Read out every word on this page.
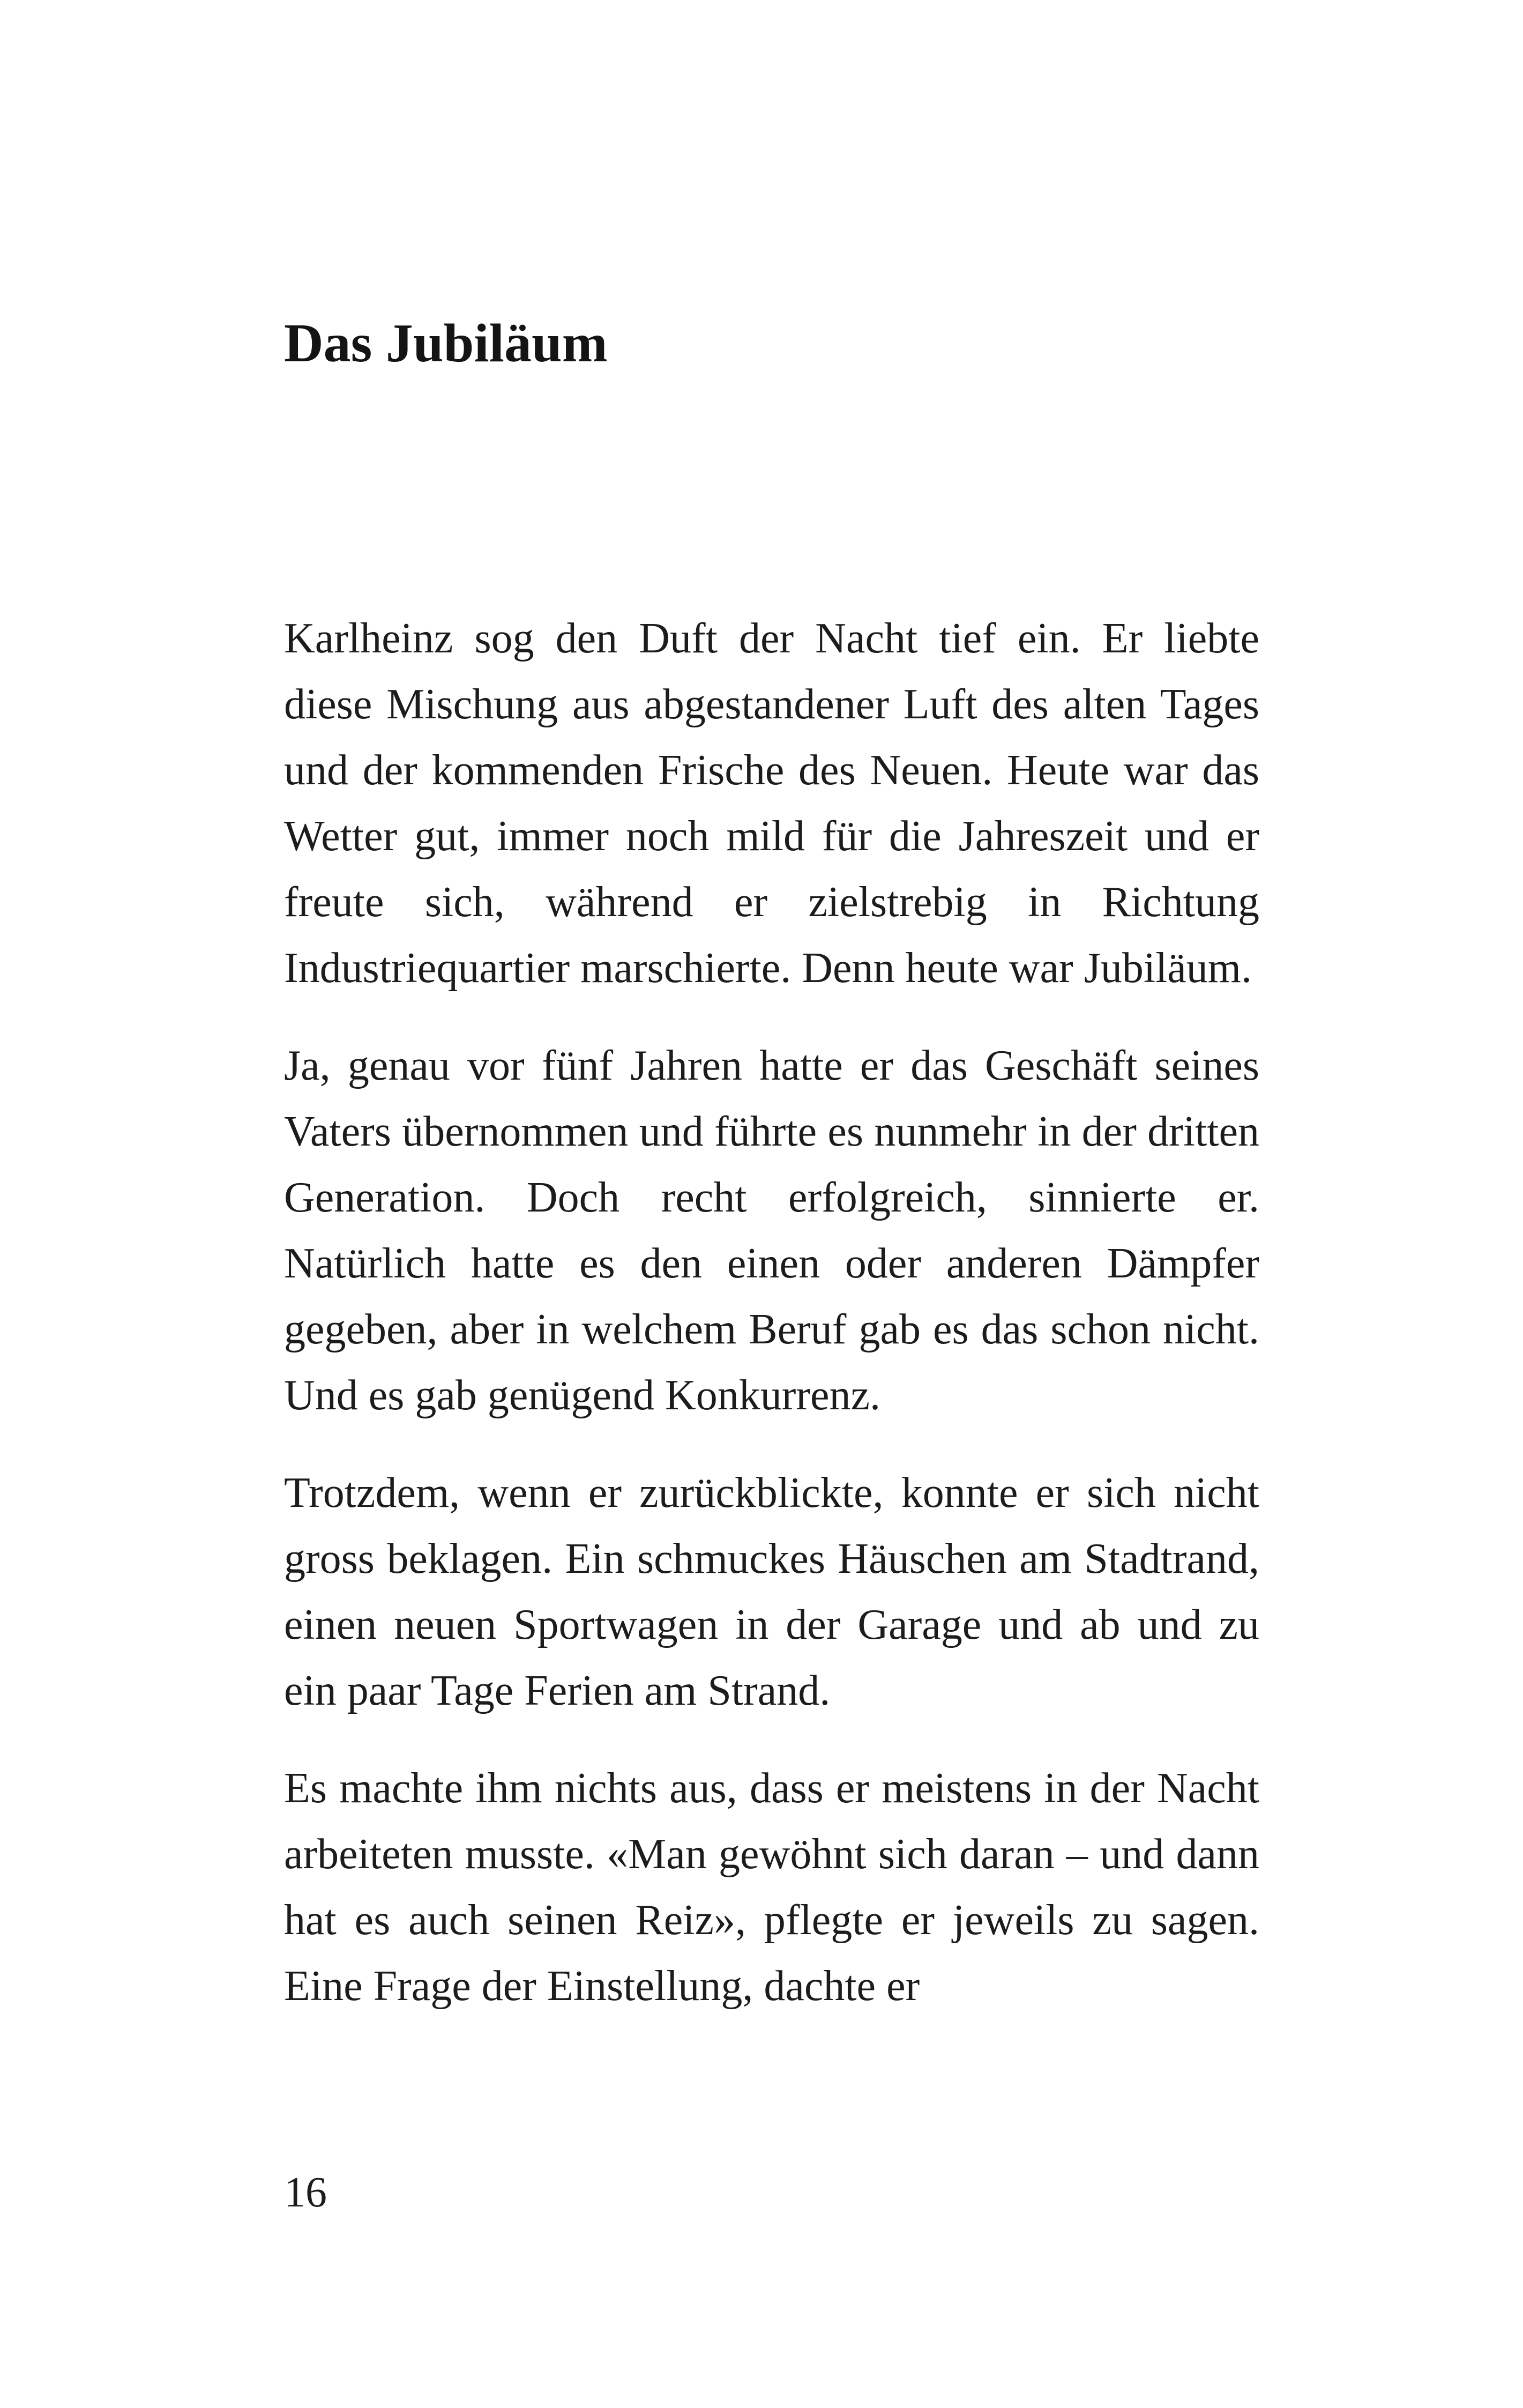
Das Jubiläum

Karlheinz sog den Duft der Nacht tief ein. Er liebte diese Mischung aus abgestandener Luft des alten Tages und der kommenden Frische des Neuen. Heute war das Wetter gut, immer noch mild für die Jahreszeit und er freute sich, während er zielstrebig in Richtung Industriequartier marschierte. Denn heute war Jubiläum.

Ja, genau vor fünf Jahren hatte er das Geschäft seines Vaters übernommen und führte es nunmehr in der dritten Generation. Doch recht erfolgreich, sinnierte er. Natürlich hatte es den einen oder anderen Dämpfer gegeben, aber in welchem Beruf gab es das schon nicht. Und es gab genügend Konkurrenz.

Trotzdem, wenn er zurückblickte, konnte er sich nicht gross beklagen. Ein schmuckes Häuschen am Stadtrand, einen neuen Sportwagen in der Garage und ab und zu ein paar Tage Ferien am Strand.

Es machte ihm nichts aus, dass er meistens in der Nacht arbeiteten musste. «Man gewöhnt sich daran – und dann hat es auch seinen Reiz», pflegte er jeweils zu sagen. Eine Frage der Einstellung, dachte er

16
